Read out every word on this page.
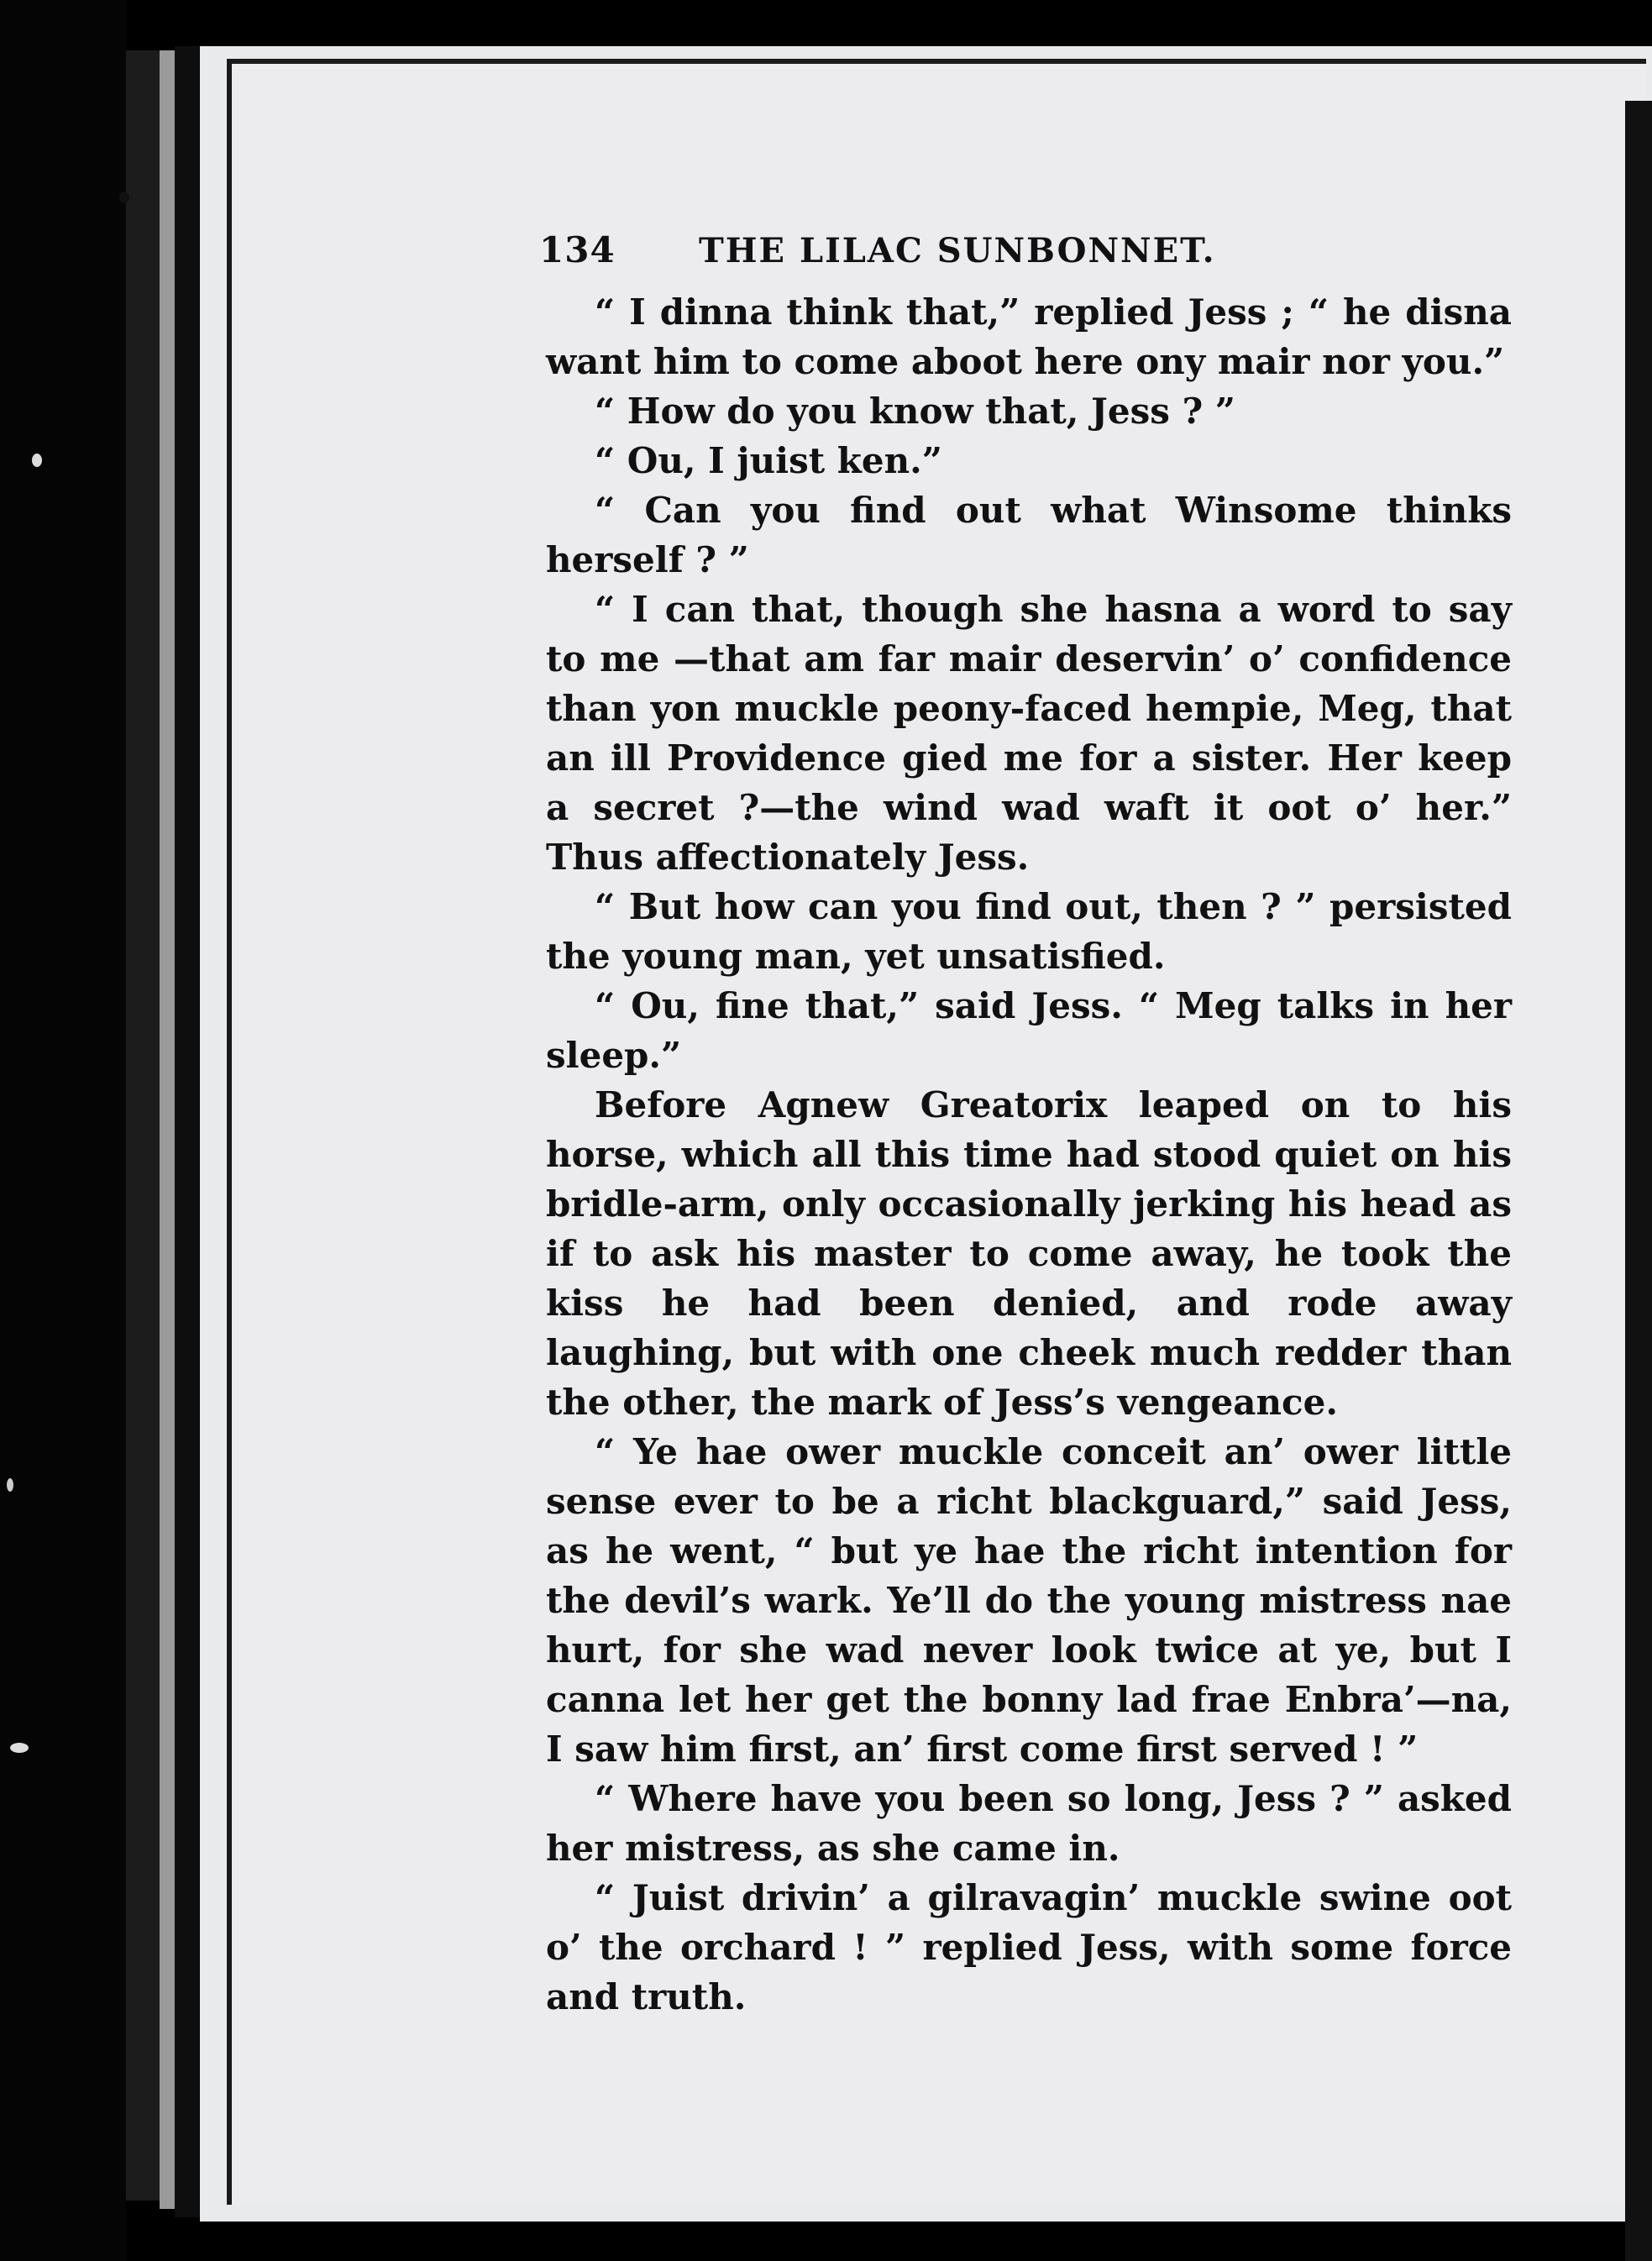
134	THE LILAC SUNBONNET.

“ I dinna think that,” replied Jess ; “ he disna want him to come aboot here ony mair nor you.”

“ How do you know that, Jess ? ”

“ Ou, I juist ken.”

“ Can you find out what Winsome thinks herself ? ”

“ I can that, though she hasna a word to say to me —that am far mair deservin’ o’ confidence than yon muckle peony-faced hempie, Meg, that an ill Providence gied me for a sister. Her keep a secret ?—the wind wad waft it oot o’ her.” Thus affectionately Jess.

“ But how can you find out, then ? ” persisted the young man, yet unsatisfied.

“ Ou, fine that,” said Jess. “ Meg talks in her sleep.”

Before Agnew Greatorix leaped on to his horse, which all this time had stood quiet on his bridle-arm, only occasionally jerking his head as if to ask his master to come away, he took the kiss he had been denied, and rode away laughing, but with one cheek much redder than the other, the mark of Jess’s vengeance.

“ Ye hae ower muckle conceit an’ ower little sense ever to be a richt blackguard,” said Jess, as he went, “ but ye hae the richt intention for the devil’s wark. Ye’ll do the young mistress nae hurt, for she wad never look twice at ye, but I canna let her get the bonny lad frae Enbra’—na, I saw him first, an’ first come first served ! ”

“ Where have you been so long, Jess ? ” asked her mistress, as she came in.

“ Juist drivin’ a gilravagin’ muckle swine oot o’ the orchard ! ” replied Jess, with some force and truth.
